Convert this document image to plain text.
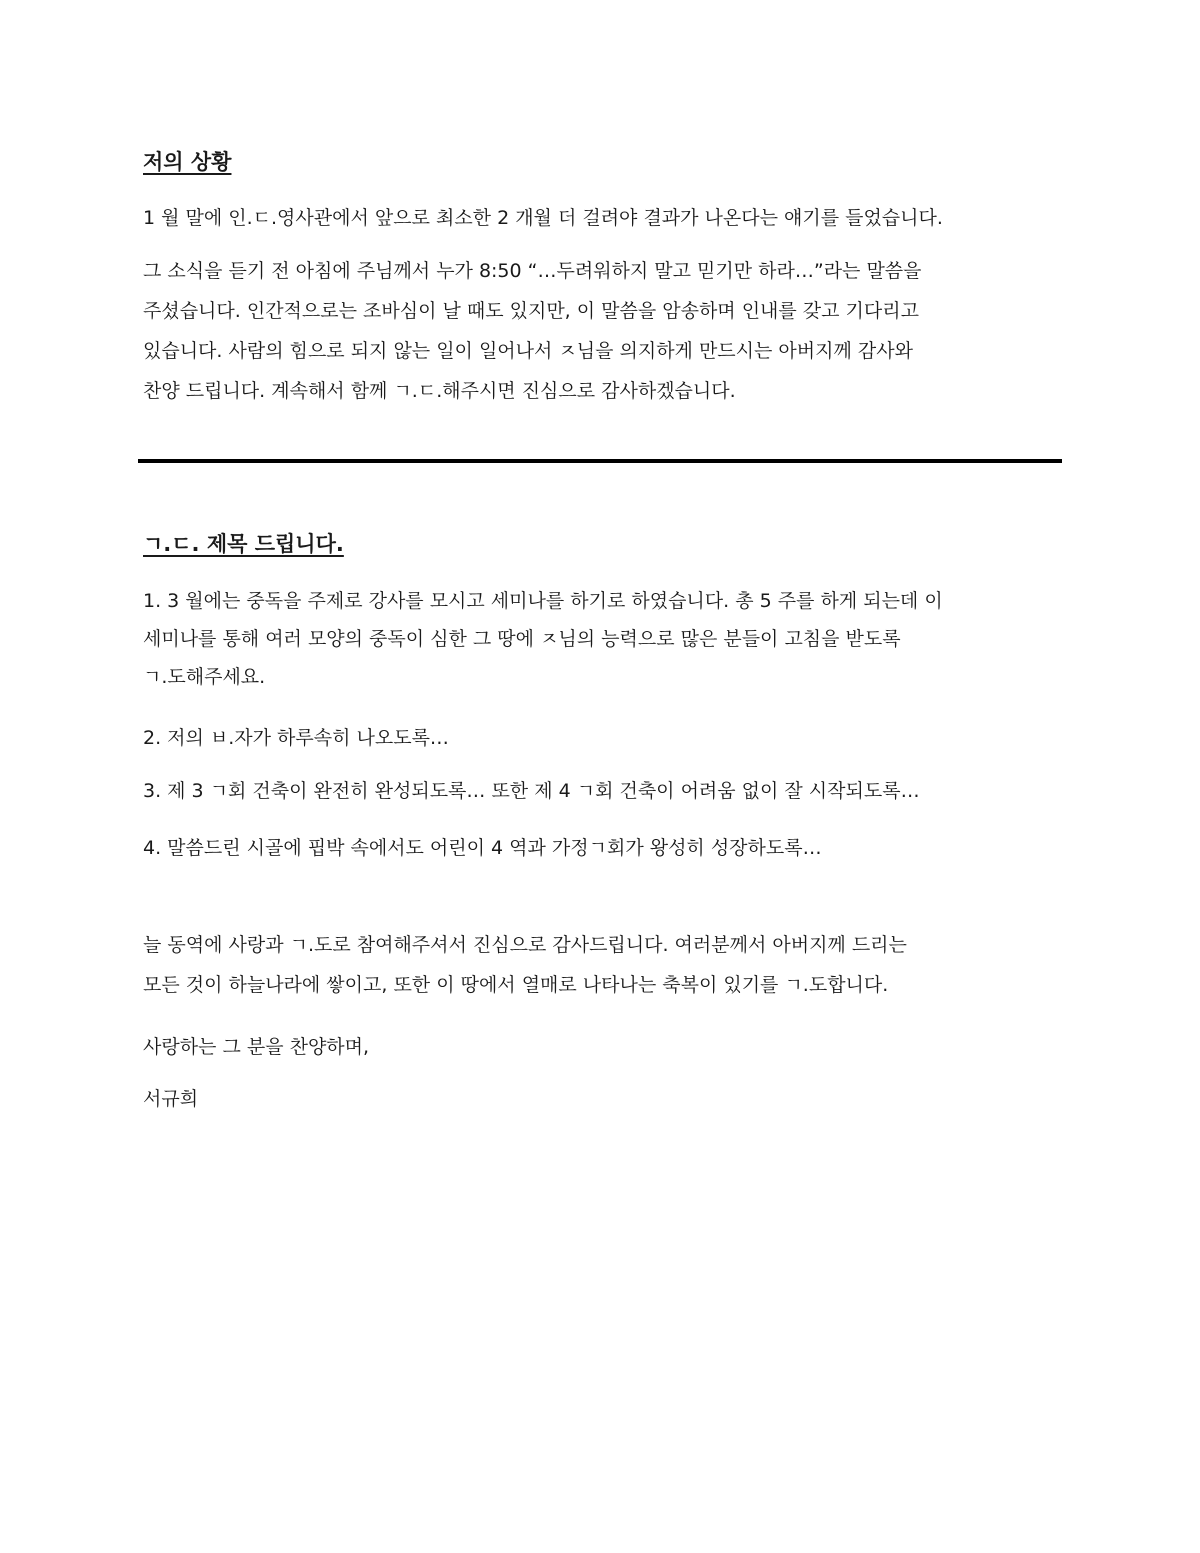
저의 상황

1 월 말에 인.ㄷ.영사관에서 앞으로 최소한 2 개월 더 걸려야 결과가 나온다는 얘기를 들었습니다.

그 소식을 듣기 전 아침에 주님께서 누가 8:50 “…두려워하지 말고 믿기만 하라…”라는 말씀을
주셨습니다. 인간적으로는 조바심이 날 때도 있지만, 이 말씀을 암송하며 인내를 갖고 기다리고
있습니다. 사람의 힘으로 되지 않는 일이 일어나서 ㅈ님을 의지하게 만드시는 아버지께 감사와
찬양 드립니다. 계속해서 함께 ㄱ.ㄷ.해주시면 진심으로 감사하겠습니다.

ㄱ.ㄷ. 제목 드립니다.

1. 3 월에는 중독을 주제로 강사를 모시고 세미나를 하기로 하였습니다. 총 5 주를 하게 되는데 이
세미나를 통해 여러 모양의 중독이 심한 그 땅에 ㅈ님의 능력으로 많은 분들이 고침을 받도록
ㄱ.도해주세요.

2. 저의 ㅂ.자가 하루속히 나오도록…

3. 제 3 ㄱ회 건축이 완전히 완성되도록… 또한 제 4 ㄱ회 건축이 어려움 없이 잘 시작되도록…

4. 말씀드린 시골에 핍박 속에서도 어린이 4 역과 가정ㄱ회가 왕성히 성장하도록…

늘 동역에 사랑과 ㄱ.도로 참여해주셔서 진심으로 감사드립니다. 여러분께서 아버지께 드리는
모든 것이 하늘나라에 쌓이고, 또한 이 땅에서 열매로 나타나는 축복이 있기를 ㄱ.도합니다.

사랑하는 그 분을 찬양하며,

서규희
